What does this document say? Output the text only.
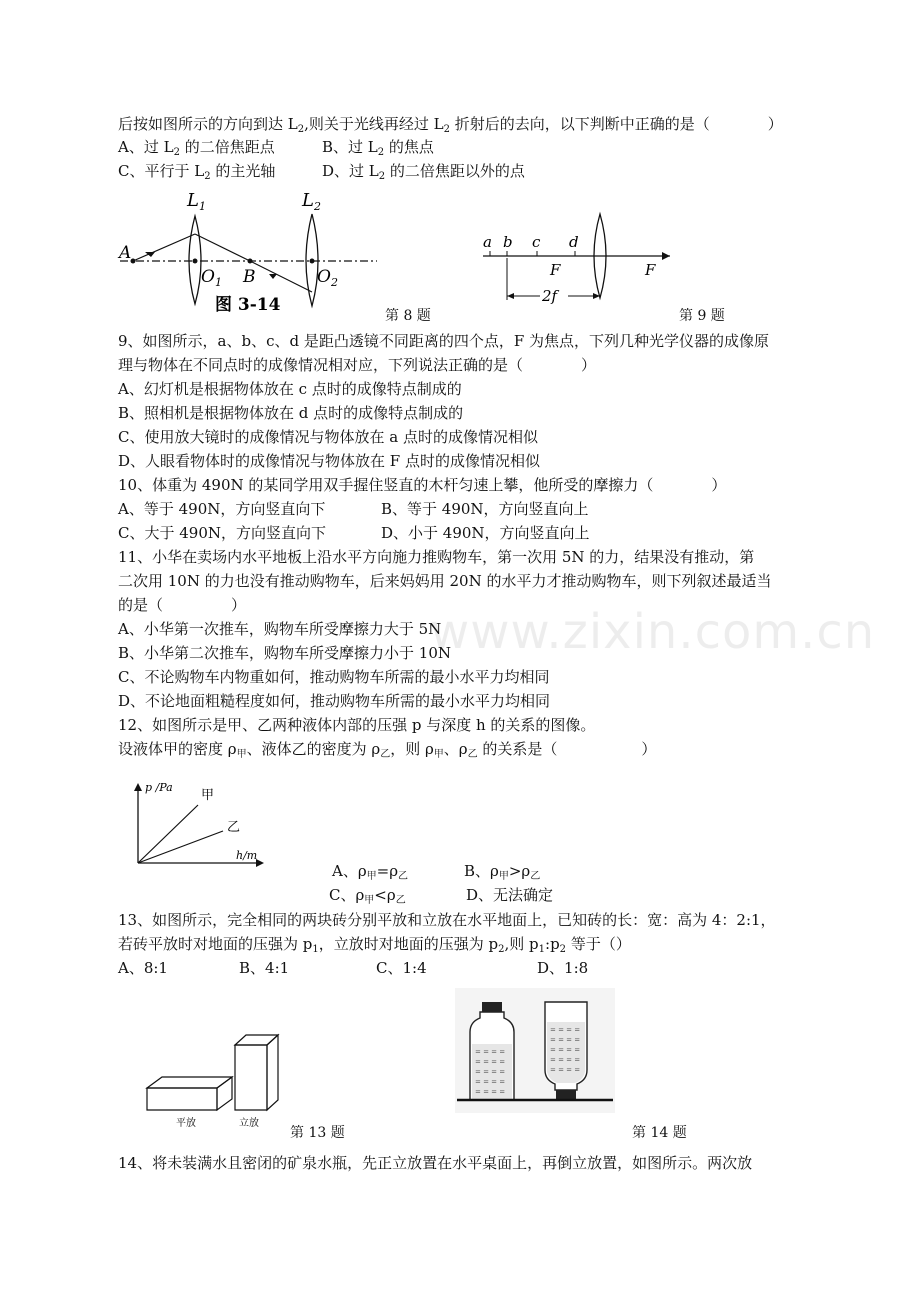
www.zixin.com.cn
后按如图所示的方向到达 $L_2$,则关于光线再经过 $L_2$ 折射后的去向，以下判断中正确的是（	）
A、过 $L_2$ 的二倍焦距点	B、过 $L_2$ 的焦点
C、平行于 $L_2$ 的主光轴	D、过 $L_2$ 的二倍焦距以外的点
$L_1$	$L_2$
A
$O_1$ B	$O_2$
图 3-14
第 8 题
a b c d
F	F
2f
第 9 题
9、如图所示，a、b、c、d 是距凸透镜不同距离的四个点，F 为焦点，下列几种光学仪器的成像原
理与物体在不同点时的成像情况相对应，下列说法正确的是（	）
A、幻灯机是根据物体放在 c 点时的成像特点制成的
B、照相机是根据物体放在 d 点时的成像特点制成的
C、使用放大镜时的成像情况与物体放在 a 点时的成像情况相似
D、人眼看物体时的成像情况与物体放在 F 点时的成像情况相似
10、体重为 490N 的某同学用双手握住竖直的木杆匀速上攀，他所受的摩擦力（	）
A、等于 490N，方向竖直向下	B、等于 490N，方向竖直向上
C、大于 490N，方向竖直向下	D、小于 490N，方向竖直向上
11、小华在卖场内水平地板上沿水平方向施力推购物车，第一次用 5N 的力，结果没有推动，第
二次用 10N 的力也没有推动购物车，后来妈妈用 20N 的水平力才推动购物车，则下列叙述最适当
的是（	）
A、小华第一次推车，购物车所受摩擦力大于 5N
B、小华第二次推车，购物车所受摩擦力小于 10N
C、不论购物车内物重如何，推动购物车所需的最小水平力均相同
D、不论地面粗糙程度如何，推动购物车所需的最小水平力均相同
12、如图所示是甲、乙两种液体内部的压强 p 与深度 h 的关系的图像。
设液体甲的密度 $\rho_甲$、液体乙的密度为 $\rho_乙$，则 $\rho_甲$、$\rho_乙$ 的关系是（	）
p /Pa
h/m
甲
乙
A、$\rho_甲=\rho_乙$	B、$\rho_甲>\rho_乙$
C、$\rho_甲<\rho_乙$	D、无法确定
13、如图所示，完全相同的两块砖分别平放和立放在水平地面上，已知砖的长：宽：高为 4：2:1，
若砖平放时对地面的压强为 $p_1$，立放时对地面的压强为 $p_2$,则 $p_1:p_2$ 等于（）
A、8:1	B、4:1	C、1:4	D、1:8
平放	立放
第 13 题
= = = =
= = = =
= = = =
= = = =
= = = =
= = = =
= = = =
= = = =
= = = =
= = = =
第 14 题
14、将未装满水且密闭的矿泉水瓶，先正立放置在水平桌面上，再倒立放置，如图所示。两次放
